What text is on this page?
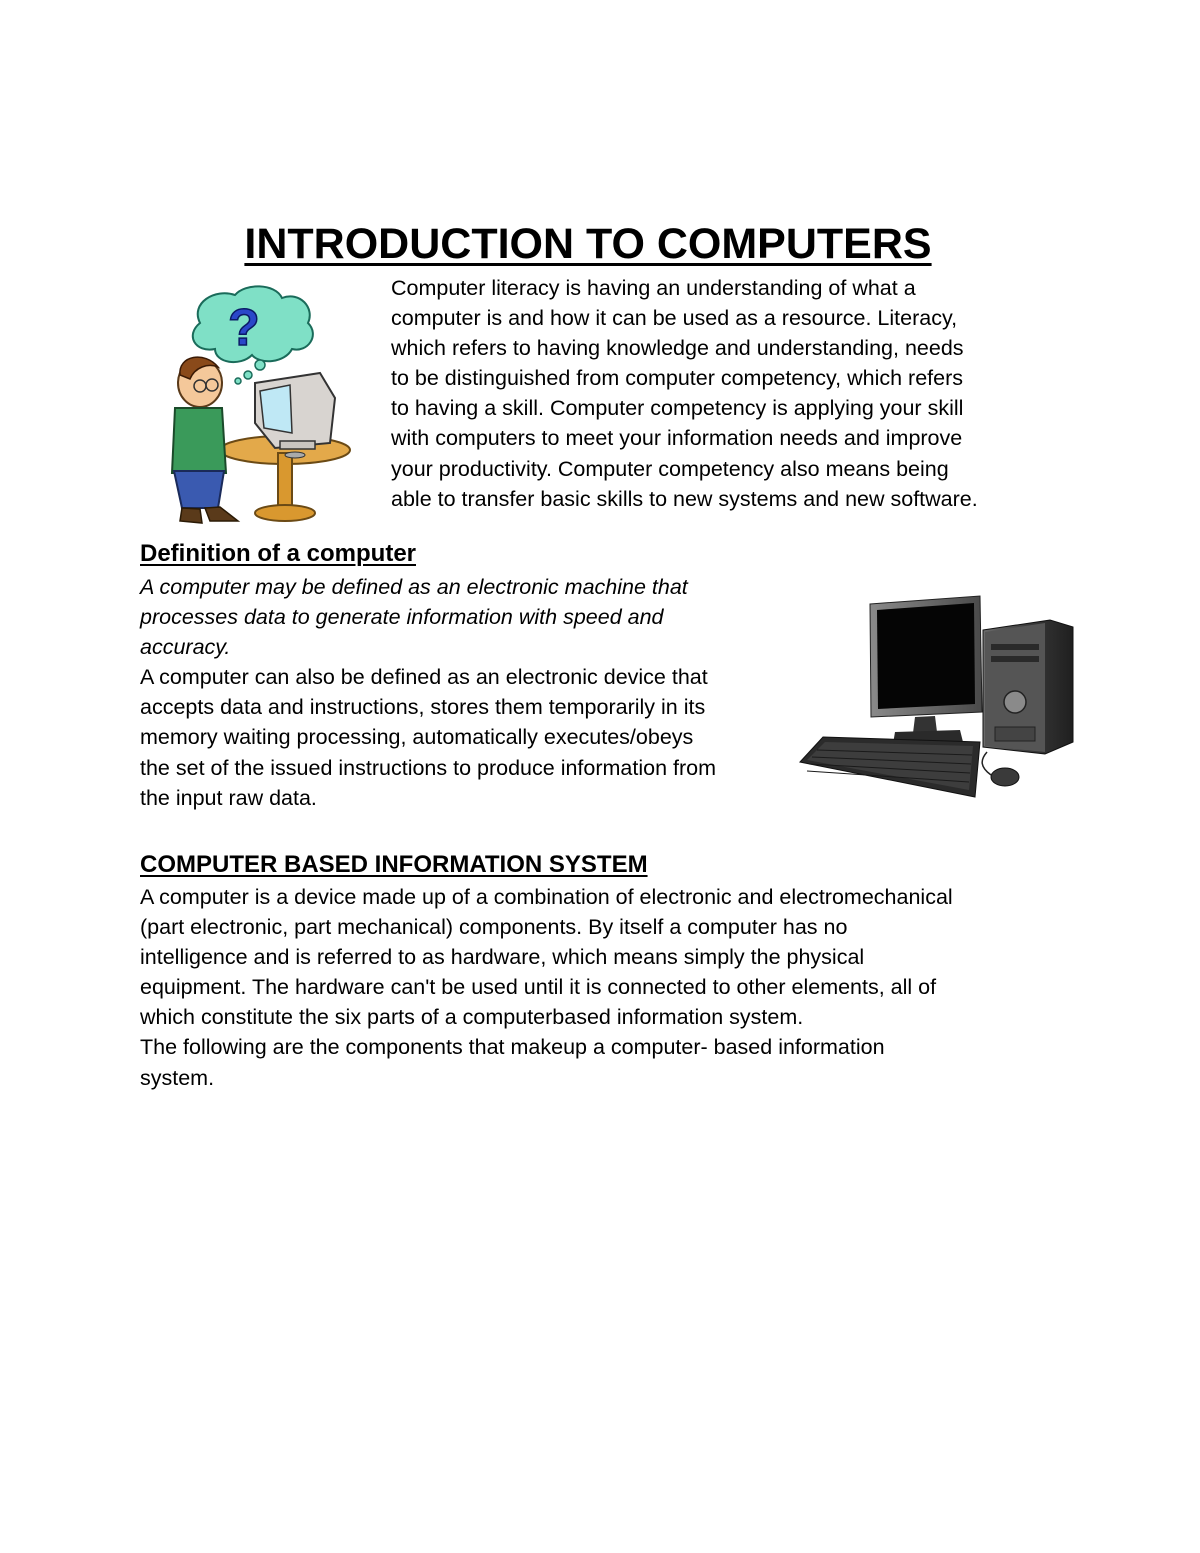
INTRODUCTION TO COMPUTERS
?

Computer literacy is having an understanding of what a

computer is and how it can be used as a resource. Literacy,

which refers to having knowledge and understanding, needs

to be distinguished from computer competency, which refers

to having a skill. Computer competency is applying your skill

with computers to meet your information needs and improve

your productivity. Computer competency also means being

able to transfer basic skills to new systems and new software.

Definition of a computer

A computer may be defined as an electronic machine that

processes data to generate information with speed and

accuracy.

A computer can also be defined as an electronic device that

accepts data and instructions, stores them temporarily in its

memory waiting processing, automatically executes/obeys

the set of the issued instructions to produce information from

the input raw data.

COMPUTER BASED INFORMATION SYSTEM

A computer is a device made up of a combination of electronic and electromechanical

(part electronic, part mechanical) components. By itself a computer has no

intelligence and is referred to as hardware, which means simply the physical

equipment. The hardware can't be used until it is connected to other elements, all of

which constitute the six parts of a computerbased information system.

The following are the components that makeup a computer- based information

system.
